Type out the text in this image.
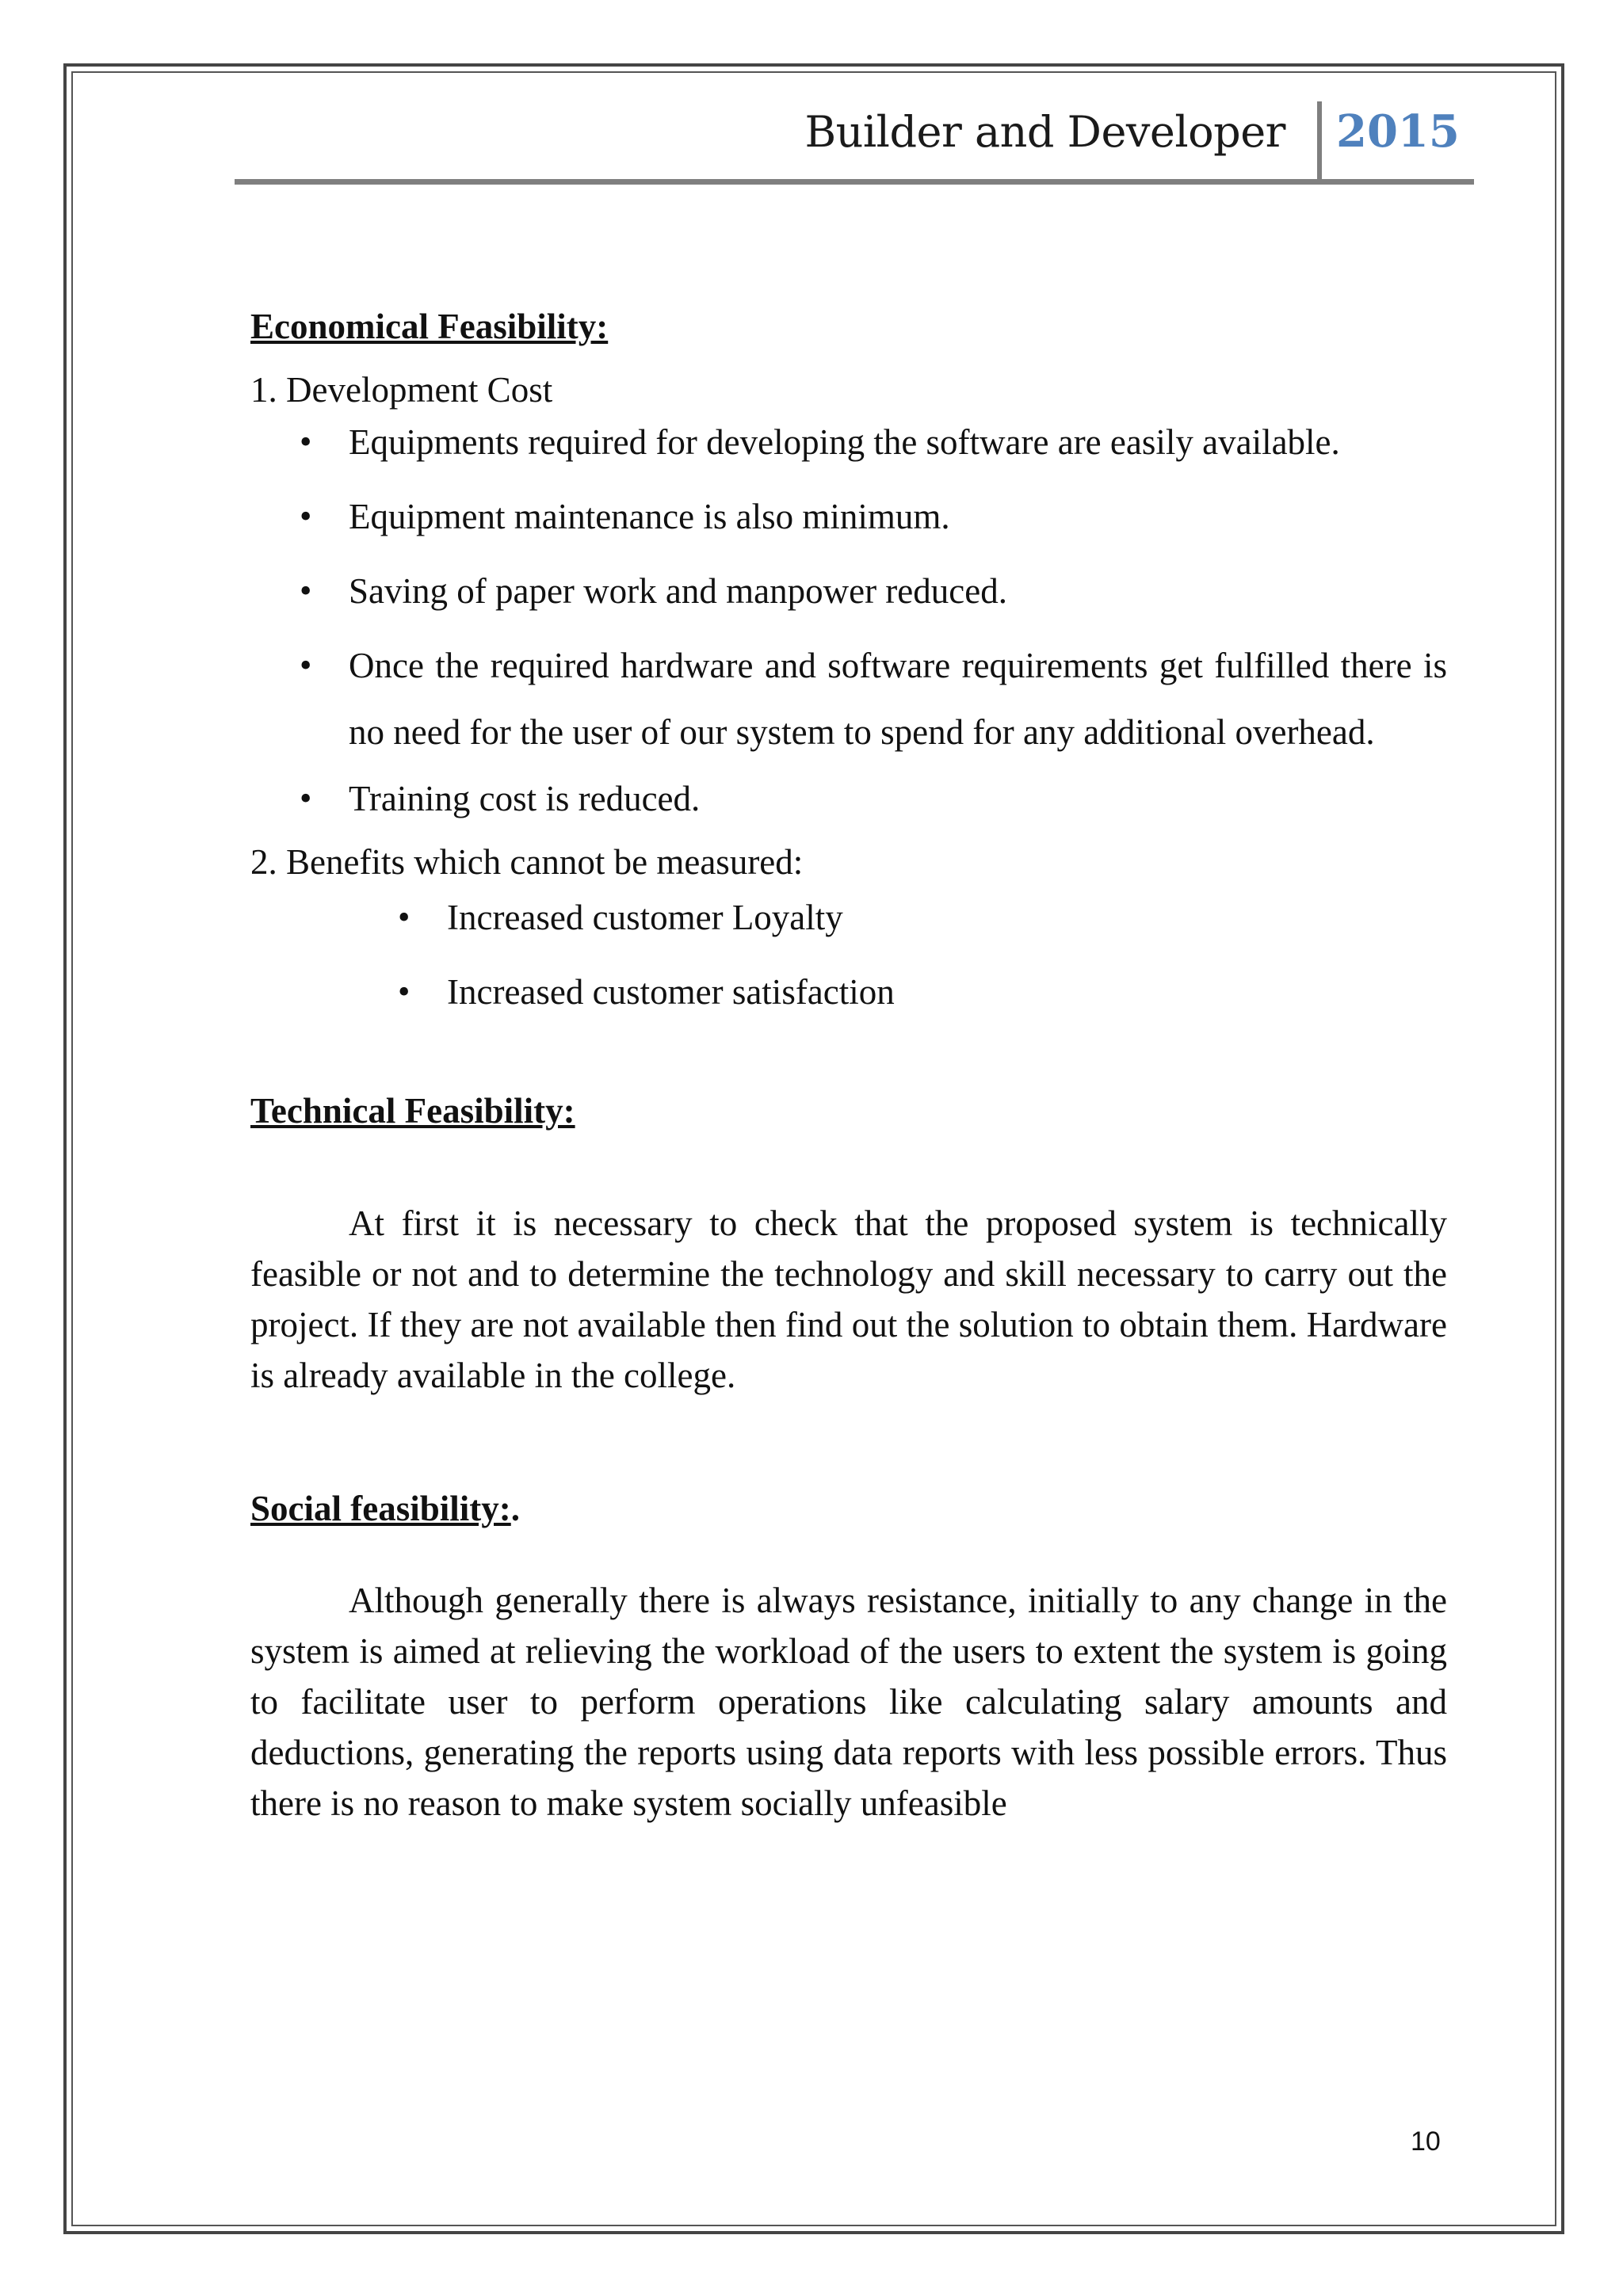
Builder and Developer 2015

Economical Feasibility:

1. Development Cost

• Equipments required for developing the software are easily available.
• Equipment maintenance is also minimum.
• Saving of paper work and manpower reduced.
• Once the required hardware and software requirements get fulfilled there is no need for the user of our system to spend for any additional overhead.
• Training cost is reduced.

2. Benefits which cannot be measured:

• Increased customer Loyalty
• Increased customer satisfaction

Technical Feasibility:

At first it is necessary to check that the proposed system is technically feasible or not and to determine the technology and skill necessary to carry out the project. If they are not available then find out the solution to obtain them. Hardware is already available in the college.

Social feasibility:.

Although generally there is always resistance, initially to any change in the system is aimed at relieving the workload of the users to extent the system is going to facilitate user to perform operations like calculating salary amounts and deductions, generating the reports using data reports with less possible errors. Thus there is no reason to make system socially unfeasible

10
